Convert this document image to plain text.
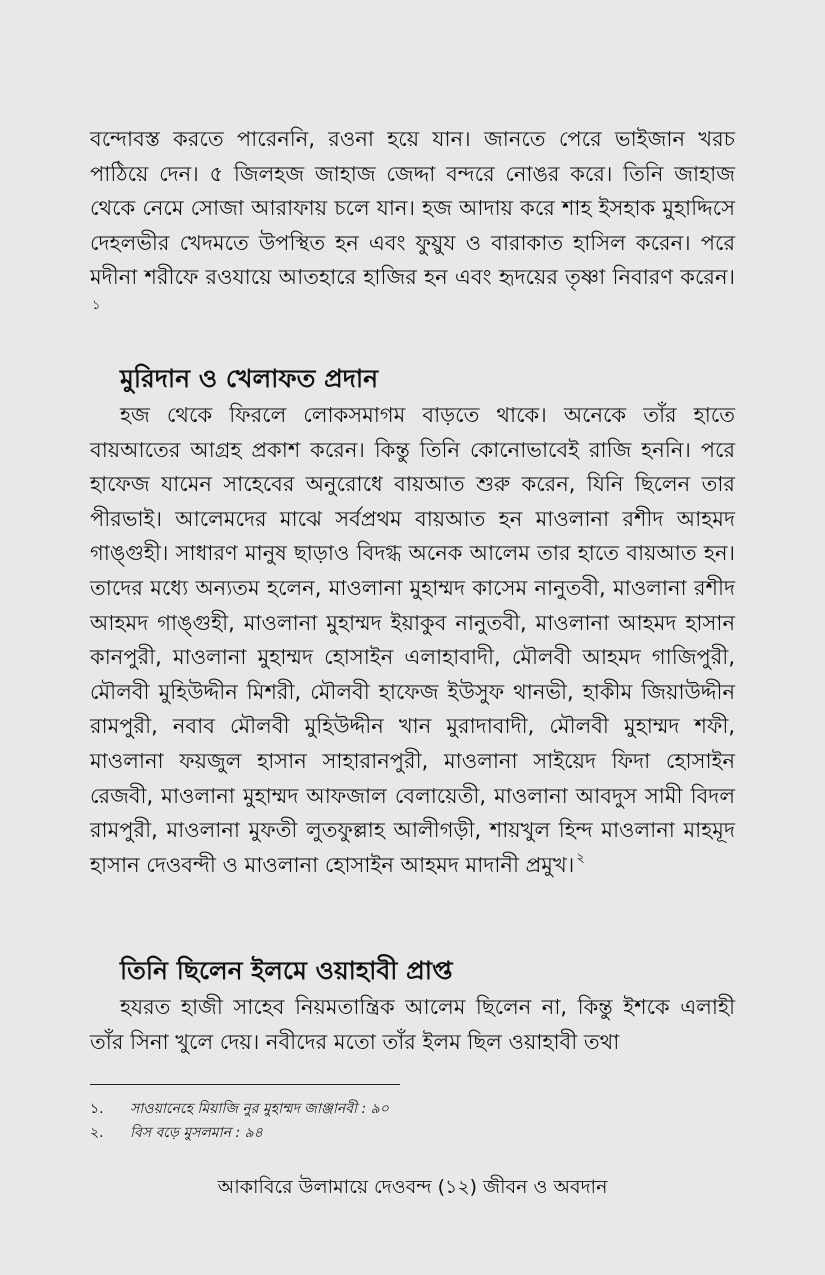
বন্দোবস্ত করতে পারেননি, রওনা হয়ে যান। জানতে পেরে ভাইজান খরচ পাঠিয়ে দেন। ৫ জিলহজ জাহাজ জেদ্দা বন্দরে নোঙর করে। তিনি জাহাজ থেকে নেমে সোজা আরাফায় চলে যান। হজ আদায় করে শাহ ইসহাক মুহাদ্দিসে দেহলভীর খেদমতে উপস্থিত হন এবং ফুয়ুয ও বারাকাত হাসিল করেন। পরে মদীনা শরীফে রওযায়ে আতহারে হাজির হন এবং হৃদয়ের তৃষ্ণা নিবারণ করেন।$^১$

মুরিদান ও খেলাফত প্রদান

হজ থেকে ফিরলে লোকসমাগম বাড়তে থাকে। অনেকে তাঁর হাতে বায়আতের আগ্রহ প্রকাশ করেন। কিন্তু তিনি কোনোভাবেই রাজি হননি। পরে হাফেজ যামেন সাহেবের অনুরোধে বায়আত শুরু করেন, যিনি ছিলেন তার পীরভাই। আলেমদের মাঝে সর্বপ্রথম বায়আত হন মাওলানা রশীদ আহমদ গাঙ্গুহী। সাধারণ মানুষ ছাড়াও বিদগ্ধ অনেক আলেম তার হাতে বায়আত হন। তাদের মধ্যে অন্যতম হলেন, মাওলানা মুহাম্মদ কাসেম নানুতবী, মাওলানা রশীদ আহমদ গাঙ্গুহী, মাওলানা মুহাম্মদ ইয়াকুব নানুতবী, মাওলানা আহমদ হাসান কানপুরী, মাওলানা মুহাম্মদ হোসাইন এলাহাবাদী, মৌলবী আহমদ গাজিপুরী, মৌলবী মুহিউদ্দীন মিশরী, মৌলবী হাফেজ ইউসুফ থানভী, হাকীম জিয়াউদ্দীন রামপুরী, নবাব মৌলবী মুহিউদ্দীন খান মুরাদাবাদী, মৌলবী মুহাম্মদ শফী, মাওলানা ফয়জুল হাসান সাহারানপুরী, মাওলানা সাইয়েদ ফিদা হোসাইন রেজবী, মাওলানা মুহাম্মদ আফজাল বেলায়েতী, মাওলানা আবদুস সামী বিদল রামপুরী, মাওলানা মুফতী লুতফুল্লাহ আলীগড়ী, শায়খুল হিন্দ মাওলানা মাহমূদ হাসান দেওবন্দী ও মাওলানা হোসাইন আহমদ মাদানী প্রমুখ। $^২$

তিনি ছিলেন ইলমে ওয়াহাবী প্রাপ্ত

হযরত হাজী সাহেব নিয়মতান্ত্রিক আলেম ছিলেন না, কিন্তু ইশকে এলাহী তাঁর সিনা খুলে দেয়। নবীদের মতো তাঁর ইলম ছিল ওয়াহাবী তথা

১. সাওয়ানেহে মিয়াজি নুর মুহাম্মদ জাঞ্জানবী : ৯০
২. বিস বড়ে মুসলমান : ৯৪
আকাবিরে উলামায়ে দেওবন্দ (১২) জীবন ও অবদান
